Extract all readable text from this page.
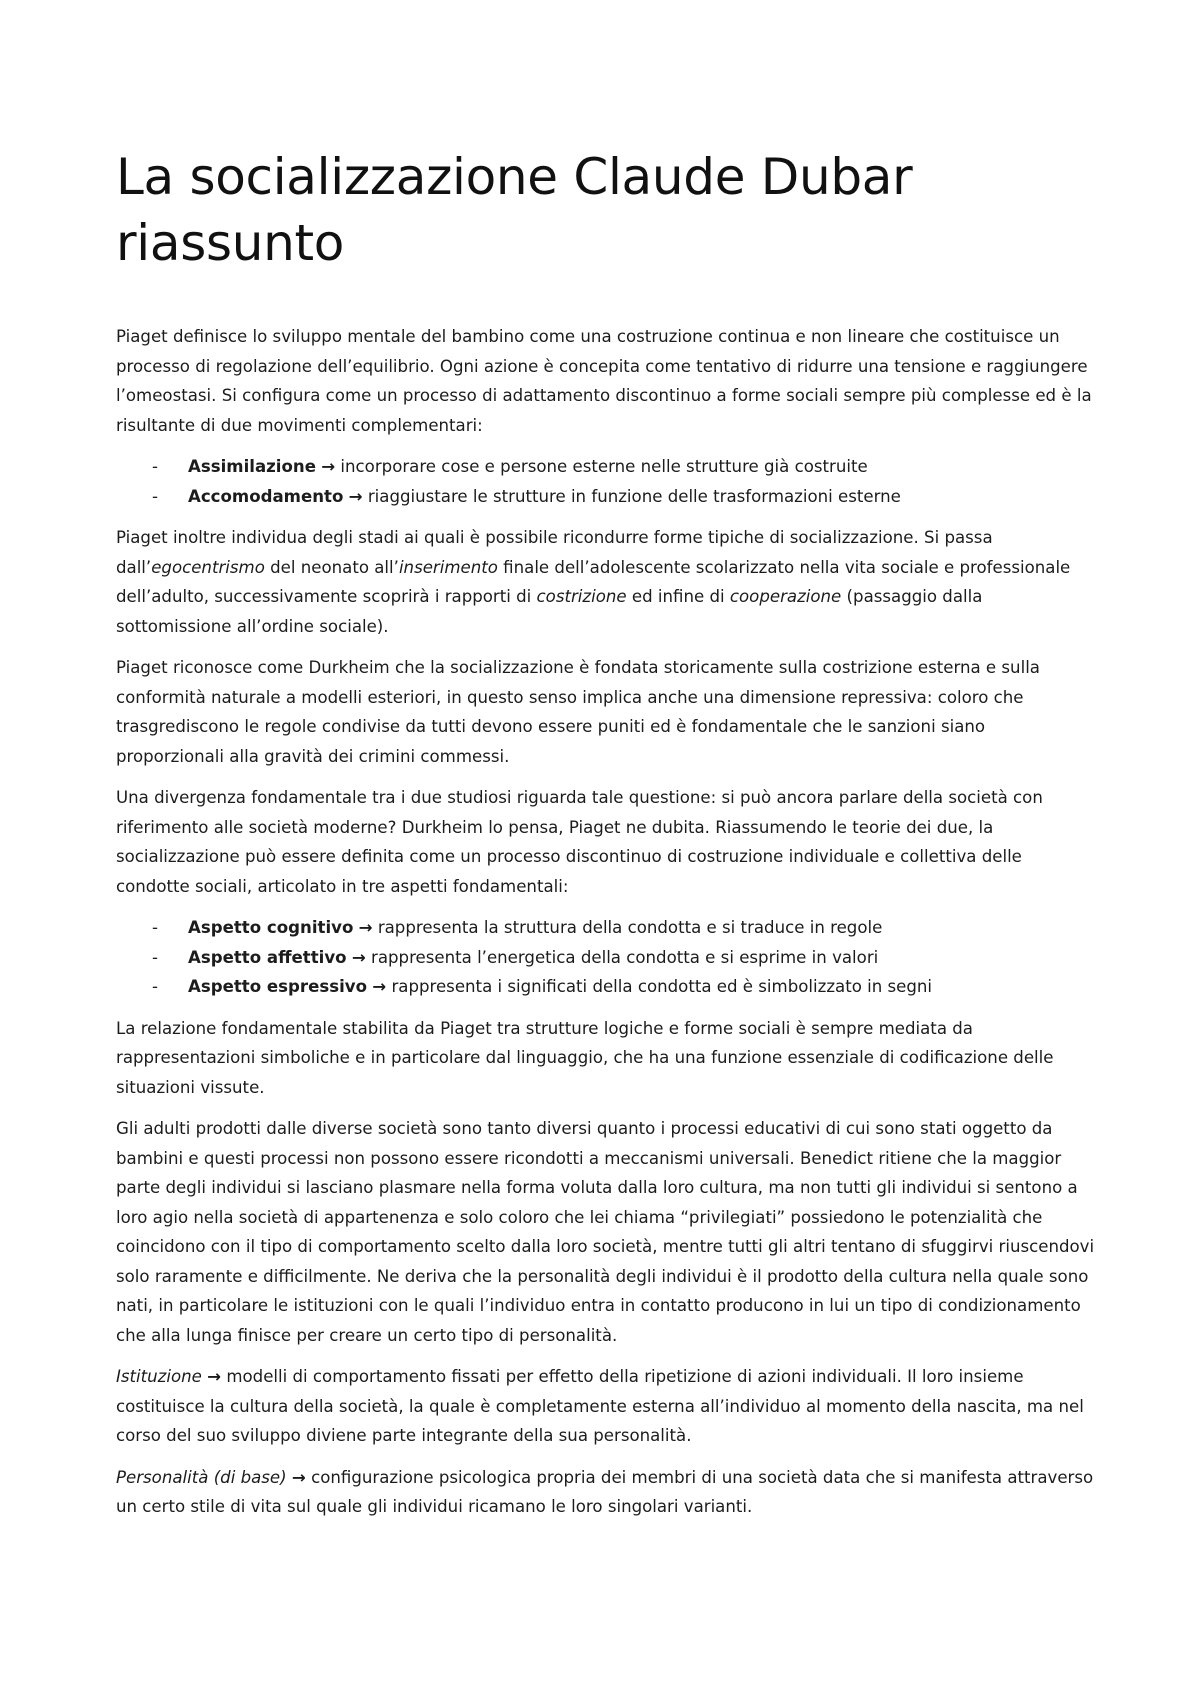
La socializzazione Claude Dubar riassunto

Piaget definisce lo sviluppo mentale del bambino come una costruzione continua e non lineare che costituisce un processo di regolazione dell’equilibrio. Ogni azione è concepita come tentativo di ridurre una tensione e raggiungere l’omeostasi. Si configura come un processo di adattamento discontinuo a forme sociali sempre più complesse ed è la risultante di due movimenti complementari:

- Assimilazione → incorporare cose e persone esterne nelle strutture già costruite
- Accomodamento → riaggiustare le strutture in funzione delle trasformazioni esterne

Piaget inoltre individua degli stadi ai quali è possibile ricondurre forme tipiche di socializzazione. Si passa dall’egocentrismo del neonato all’inserimento finale dell’adolescente scolarizzato nella vita sociale e professionale dell’adulto, successivamente scoprirà i rapporti di costrizione ed infine di cooperazione (passaggio dalla sottomissione all’ordine sociale).

Piaget riconosce come Durkheim che la socializzazione è fondata storicamente sulla costrizione esterna e sulla conformità naturale a modelli esteriori, in questo senso implica anche una dimensione repressiva: coloro che trasgrediscono le regole condivise da tutti devono essere puniti ed è fondamentale che le sanzioni siano proporzionali alla gravità dei crimini commessi.

Una divergenza fondamentale tra i due studiosi riguarda tale questione: si può ancora parlare della società con riferimento alle società moderne? Durkheim lo pensa, Piaget ne dubita. Riassumendo le teorie dei due, la socializzazione può essere definita come un processo discontinuo di costruzione individuale e collettiva delle condotte sociali, articolato in tre aspetti fondamentali:

- Aspetto cognitivo → rappresenta la struttura della condotta e si traduce in regole
- Aspetto affettivo → rappresenta l’energetica della condotta e si esprime in valori
- Aspetto espressivo → rappresenta i significati della condotta ed è simbolizzato in segni

La relazione fondamentale stabilita da Piaget tra strutture logiche e forme sociali è sempre mediata da rappresentazioni simboliche e in particolare dal linguaggio, che ha una funzione essenziale di codificazione delle situazioni vissute.

Gli adulti prodotti dalle diverse società sono tanto diversi quanto i processi educativi di cui sono stati oggetto da bambini e questi processi non possono essere ricondotti a meccanismi universali. Benedict ritiene che la maggior parte degli individui si lasciano plasmare nella forma voluta dalla loro cultura, ma non tutti gli individui si sentono a loro agio nella società di appartenenza e solo coloro che lei chiama “privilegiati” possiedono le potenzialità che coincidono con il tipo di comportamento scelto dalla loro società, mentre tutti gli altri tentano di sfuggirvi riuscendovi solo raramente e difficilmente. Ne deriva che la personalità degli individui è il prodotto della cultura nella quale sono nati, in particolare le istituzioni con le quali l’individuo entra in contatto producono in lui un tipo di condizionamento che alla lunga finisce per creare un certo tipo di personalità.

Istituzione → modelli di comportamento fissati per effetto della ripetizione di azioni individuali. Il loro insieme costituisce la cultura della società, la quale è completamente esterna all’individuo al momento della nascita, ma nel corso del suo sviluppo diviene parte integrante della sua personalità.

Personalità (di base) → configurazione psicologica propria dei membri di una società data che si manifesta attraverso un certo stile di vita sul quale gli individui ricamano le loro singolari varianti.
